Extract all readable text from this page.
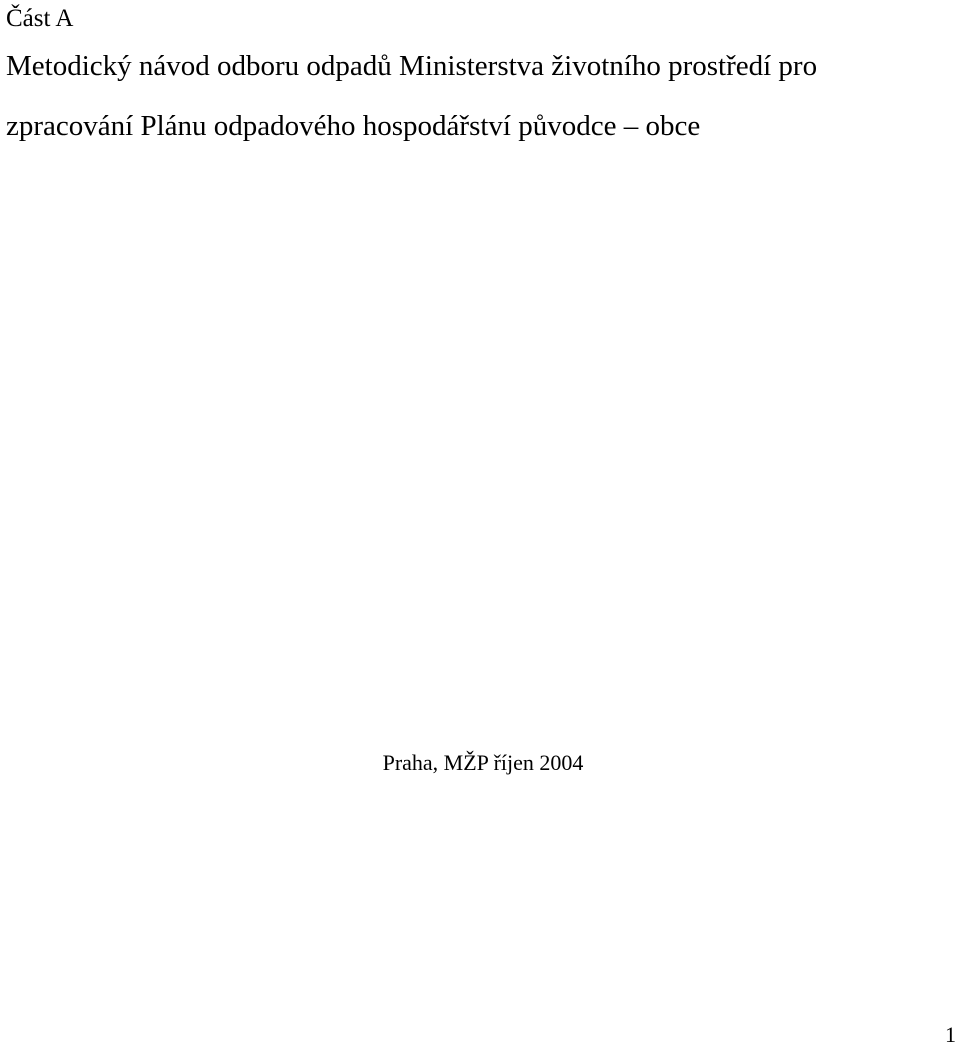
Část A
Metodický návod odboru odpadů Ministerstva životního prostředí pro
zpracování Plánu odpadového hospodářství původce – obce
Praha, MŽP říjen 2004
1
